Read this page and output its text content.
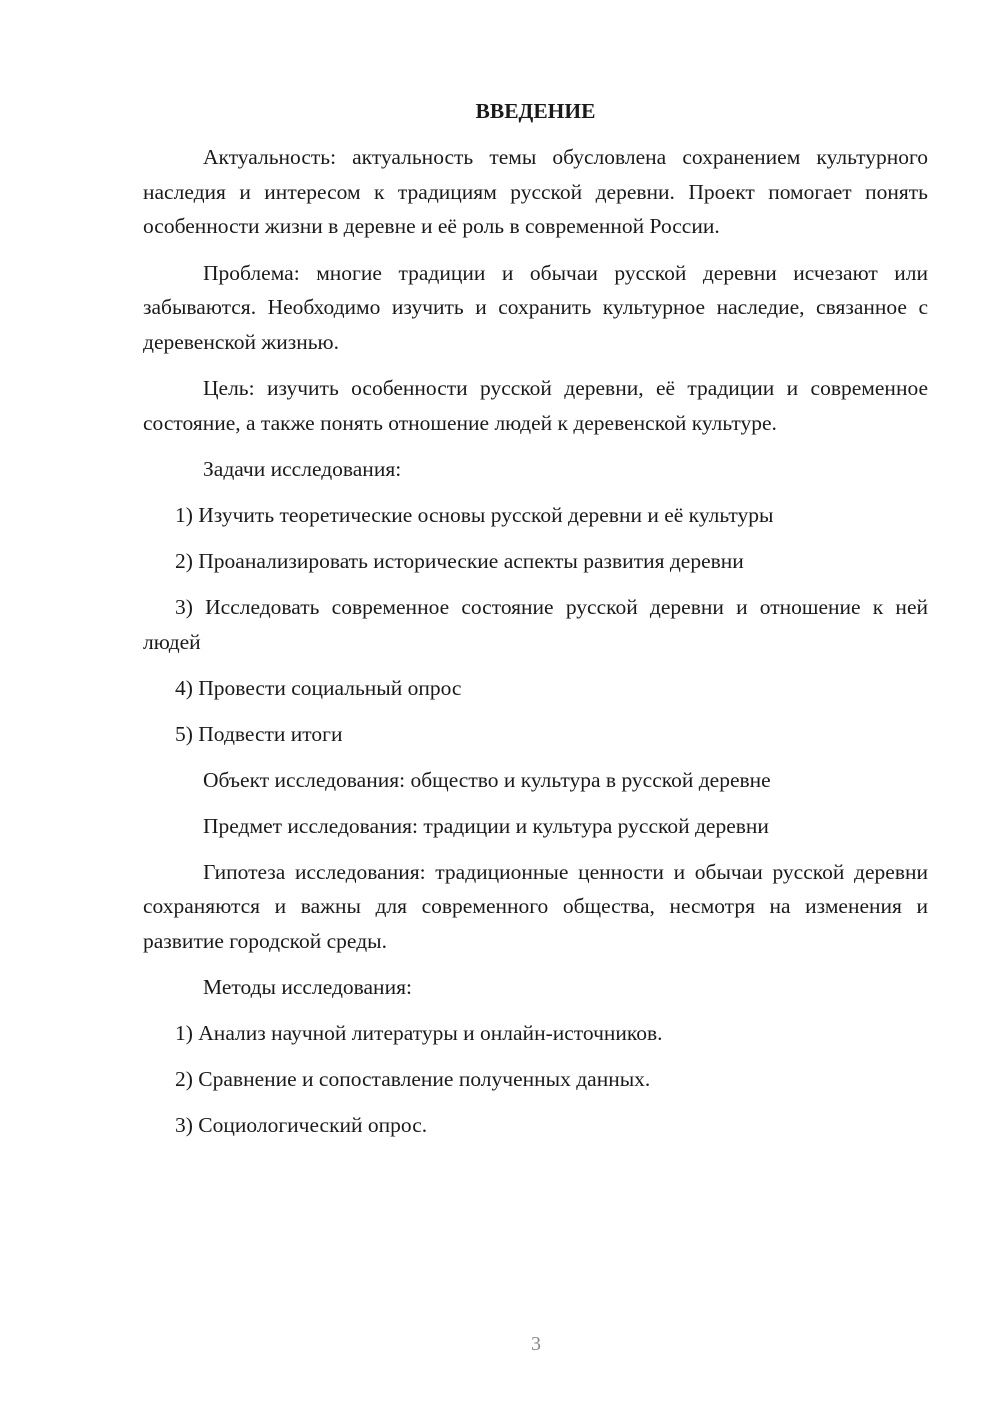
ВВЕДЕНИЕ

Актуальность: актуальность темы обусловлена сохранением культурного наследия и интересом к традициям русской деревни. Проект помогает понять особенности жизни в деревне и её роль в современной России.

Проблема: многие традиции и обычаи русской деревни исчезают или забываются. Необходимо изучить и сохранить культурное наследие, связанное с деревенской жизнью.

Цель: изучить особенности русской деревни, её традиции и современное состояние, а также понять отношение людей к деревенской культуре.

Задачи исследования:

1) Изучить теоретические основы русской деревни и её культуры

2) Проанализировать исторические аспекты развития деревни

3) Исследовать современное состояние русской деревни и отношение к ней людей

4) Провести социальный опрос

5) Подвести итоги

Объект исследования: общество и культура в русской деревне

Предмет исследования: традиции и культура русской деревни

Гипотеза исследования: традиционные ценности и обычаи русской деревни сохраняются и важны для современного общества, несмотря на изменения и развитие городской среды.

Методы исследования:

1) Анализ научной литературы и онлайн-источников.

2) Сравнение и сопоставление полученных данных.

3) Социологический опрос.

3
